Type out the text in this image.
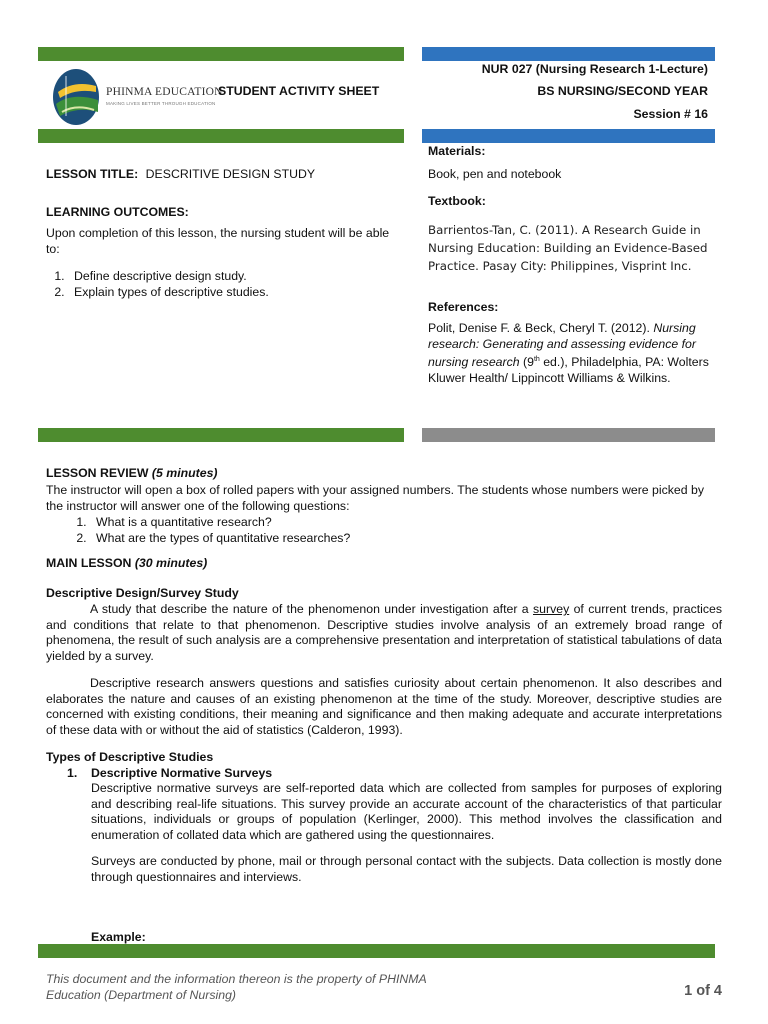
PHINMA EDUCATION
MAKING LIVES BETTER THROUGH EDUCATION
STUDENT ACTIVITY SHEET
NUR 027 (Nursing Research 1-Lecture)
BS NURSING/SECOND YEAR
Session # 16
LESSON TITLE: DESCRITIVE DESIGN STUDY
LEARNING OUTCOMES:
Upon completion of this lesson, the nursing student will be able to:
1. Define descriptive design study.
2. Explain types of descriptive studies.
Materials:
Book, pen and notebook
Textbook:
Barrientos-Tan, C. (2011). A Research Guide in Nursing Education: Building an Evidence-Based Practice. Pasay City: Philippines, Visprint Inc.
References:
Polit, Denise F. & Beck, Cheryl T. (2012). Nursing research: Generating and assessing evidence for nursing research (9th ed.), Philadelphia, PA: Wolters Kluwer Health/ Lippincott Williams & Wilkins.
LESSON REVIEW (5 minutes)
The instructor will open a box of rolled papers with your assigned numbers. The students whose numbers were picked by the instructor will answer one of the following questions:
1. What is a quantitative research?
2. What are the types of quantitative researches?
MAIN LESSON (30 minutes)
Descriptive Design/Survey Study
A study that describe the nature of the phenomenon under investigation after a survey of current trends, practices and conditions that relate to that phenomenon. Descriptive studies involve analysis of an extremely broad range of phenomena, the result of such analysis are a comprehensive presentation and interpretation of statistical tabulations of data yielded by a survey.
Descriptive research answers questions and satisfies curiosity about certain phenomenon. It also describes and elaborates the nature and causes of an existing phenomenon at the time of the study. Moreover, descriptive studies are concerned with existing conditions, their meaning and significance and then making adequate and accurate interpretations of these data with or without the aid of statistics (Calderon, 1993).
Types of Descriptive Studies
1. Descriptive Normative Surveys
Descriptive normative surveys are self-reported data which are collected from samples for purposes of exploring and describing real-life situations. This survey provide an accurate account of the characteristics of that particular situations, individuals or groups of population (Kerlinger, 2000). This method involves the classification and enumeration of collated data which are gathered using the questionnaires.
Surveys are conducted by phone, mail or through personal contact with the subjects. Data collection is mostly done through questionnaires and interviews.
Example:
This document and the information thereon is the property of PHINMA
Education (Department of Nursing)	1 of 4
